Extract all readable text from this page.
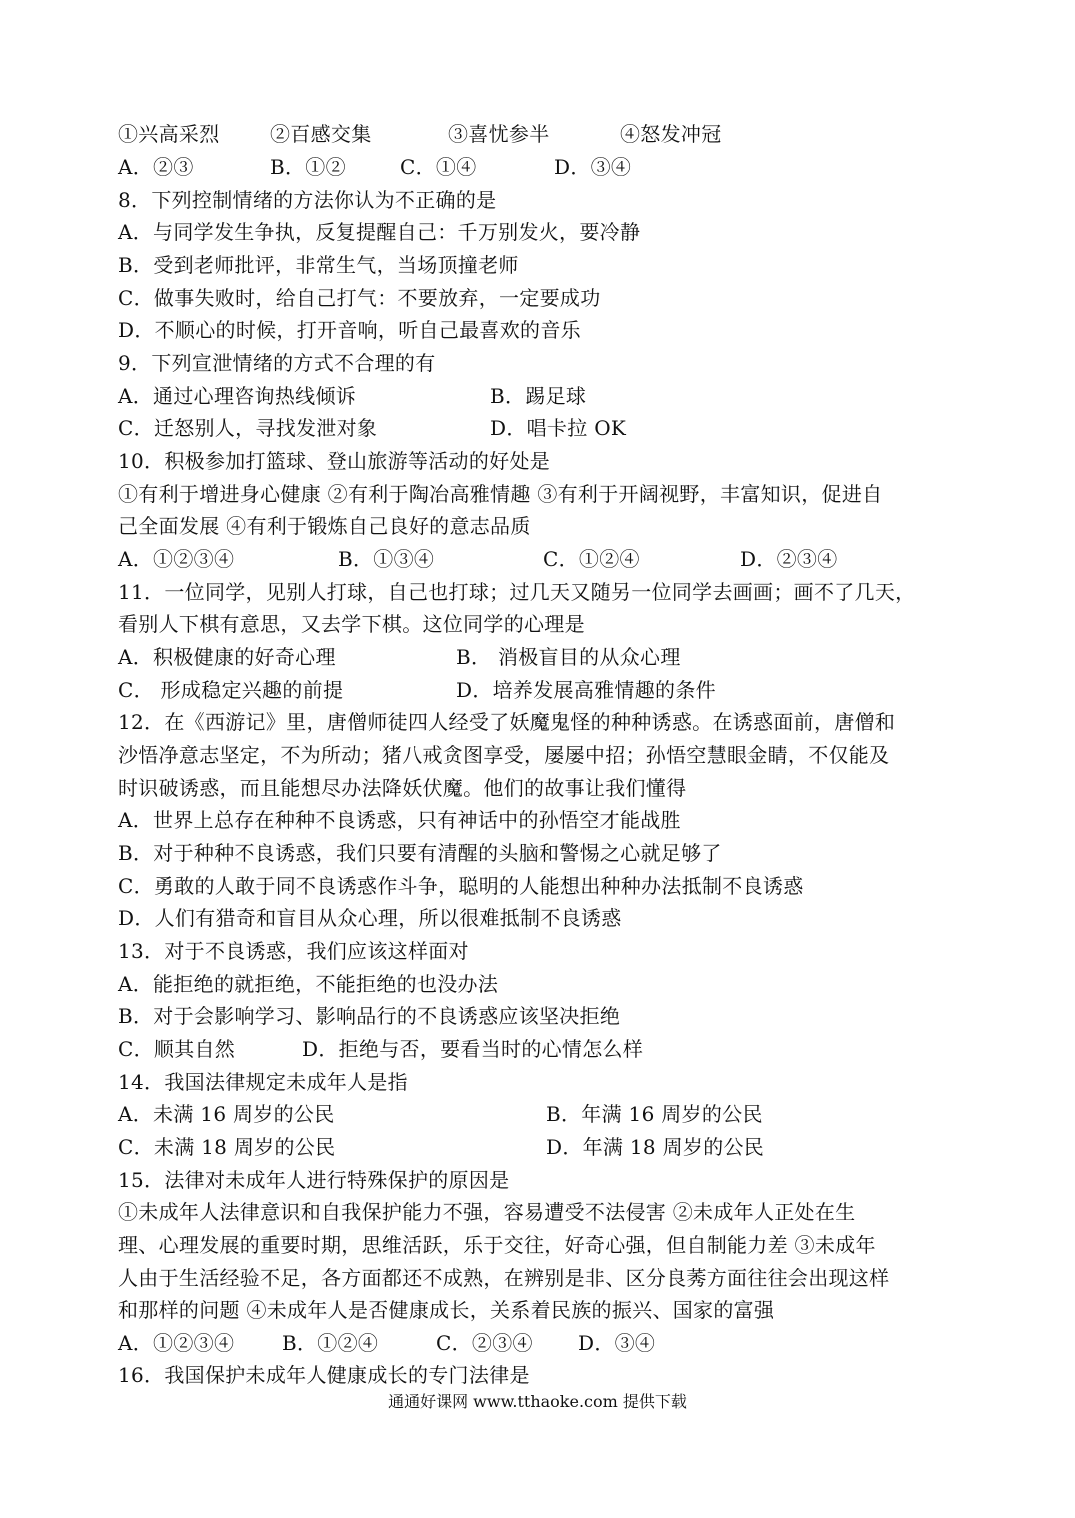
①兴高采烈	②百感交集	③喜忧参半	④怒发冲冠
A．②③	B．①②	C．①④	D．③④
8．下列控制情绪的方法你认为不正确的是
A．与同学发生争执，反复提醒自己：千万别发火，要冷静
B．受到老师批评，非常生气，当场顶撞老师
C．做事失败时，给自己打气：不要放弃，一定要成功
D．不顺心的时候，打开音响，听自己最喜欢的音乐
9．下列宣泄情绪的方式不合理的有
A．通过心理咨询热线倾诉	B．踢足球
C．迁怒别人，寻找发泄对象	D．唱卡拉 OK
10．积极参加打篮球、登山旅游等活动的好处是
①有利于增进身心健康 ②有利于陶冶高雅情趣 ③有利于开阔视野，丰富知识，促进自
己全面发展 ④有利于锻炼自己良好的意志品质
A．①②③④	B．①③④	C．①②④	D．②③④
11．一位同学，见别人打球，自己也打球；过几天又随另一位同学去画画；画不了几天，
看别人下棋有意思，又去学下棋。这位同学的心理是
A．积极健康的好奇心理	B． 消极盲目的从众心理
C． 形成稳定兴趣的前提	D．培养发展高雅情趣的条件
12．在《西游记》里，唐僧师徒四人经受了妖魔鬼怪的种种诱惑。在诱惑面前，唐僧和
沙悟净意志坚定，不为所动；猪八戒贪图享受，屡屡中招；孙悟空慧眼金睛，不仅能及
时识破诱惑，而且能想尽办法降妖伏魔。他们的故事让我们懂得
A．世界上总存在种种不良诱惑，只有神话中的孙悟空才能战胜
B．对于种种不良诱惑，我们只要有清醒的头脑和警惕之心就足够了
C．勇敢的人敢于同不良诱惑作斗争，聪明的人能想出种种办法抵制不良诱惑
D．人们有猎奇和盲目从众心理，所以很难抵制不良诱惑
13．对于不良诱惑，我们应该这样面对
A．能拒绝的就拒绝，不能拒绝的也没办法
B．对于会影响学习、影响品行的不良诱惑应该坚决拒绝
C．顺其自然	D．拒绝与否，要看当时的心情怎么样
14．我国法律规定未成年人是指
A．未满 16 周岁的公民	B．年满 16 周岁的公民
C．未满 18 周岁的公民	D．年满 18 周岁的公民
15．法律对未成年人进行特殊保护的原因是
①未成年人法律意识和自我保护能力不强，容易遭受不法侵害 ②未成年人正处在生
理、心理发展的重要时期，思维活跃，乐于交往，好奇心强，但自制能力差 ③未成年
人由于生活经验不足，各方面都还不成熟，在辨别是非、区分良莠方面往往会出现这样
和那样的问题 ④未成年人是否健康成长，关系着民族的振兴、国家的富强
A．①②③④ B．①②④	C．②③④ D．③④
16．我国保护未成年人健康成长的专门法律是
通通好课网 www.tthaoke.com 提供下载
